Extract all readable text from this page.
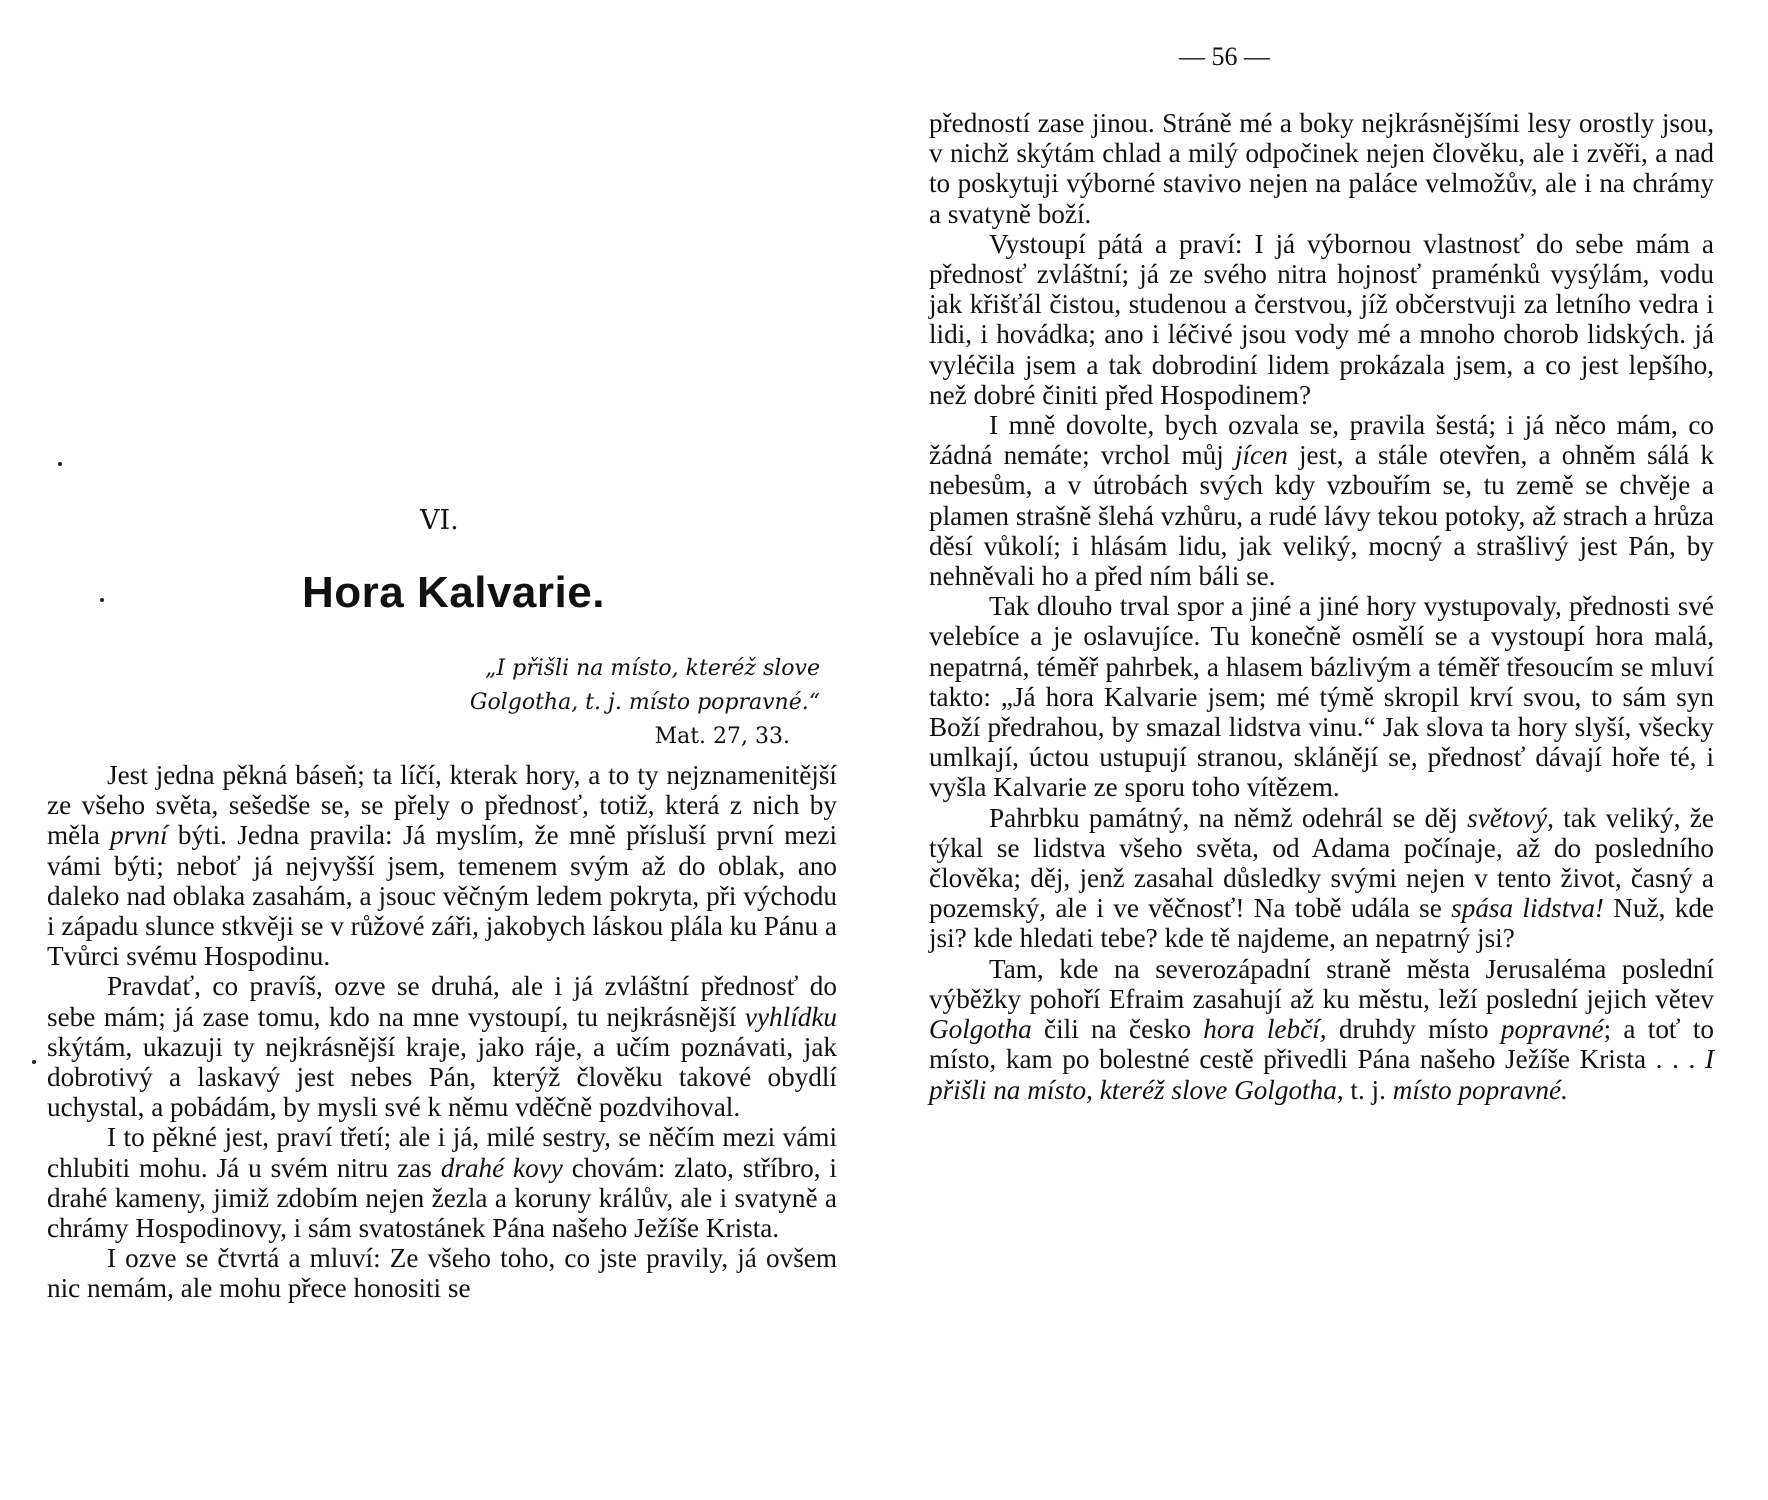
VI.
Hora Kalvarie.
„I přišli na místo, kteréž slove
Golgotha, t. j. místo popravné.“
Mat. 27, 33.

Jest jedna pěkná báseň; ta líčí, kterak hory, a to ty nejznamenitější ze všeho světa, sešedše se, se přely o přednosť, totiž, která z nich by měla první býti. Jedna pravila: Já myslím, že mně přísluší první mezi vámi býti; neboť já nejvyšší jsem, temenem svým až do oblak, ano daleko nad oblaka zasahám, a jsouc věčným ledem pokryta, při východu i západu slunce stkvěji se v růžové záři, jakobych láskou plála ku Pánu a Tvůrci svému Hospodinu.

Pravdať, co pravíš, ozve se druhá, ale i já zvláštní přednosť do sebe mám; já zase tomu, kdo na mne vystoupí, tu nejkrásnější vyhlídku skýtám, ukazuji ty nejkrásnější kraje, jako ráje, a učím poznávati, jak dobrotivý a laskavý jest nebes Pán, kterýž člověku takové obydlí uchystal, a pobádám, by mysli své k němu vděčně pozdvihoval.

I to pěkné jest, praví třetí; ale i já, milé sestry, se něčím mezi vámi chlubiti mohu. Já u svém nitru zas drahé kovy chovám: zlato, stříbro, i drahé kameny, jimiž zdobím nejen žezla a koruny králův, ale i svatyně a chrámy Hospodinovy, i sám svatostánek Pána našeho Ježíše Krista.

I ozve se čtvrtá a mluví: Ze všeho toho, co jste pravily, já ovšem nic nemám, ale mohu přece honositi se

— 56 —

předností zase jinou. Stráně mé a boky nejkrásnějšími lesy orostly jsou, v nichž skýtám chlad a milý odpočinek nejen člověku, ale i zvěři, a nad to poskytuji výborné stavivo nejen na paláce velmožův, ale i na chrámy a svatyně boží.

Vystoupí pátá a praví: I já výbornou vlastnosť do sebe mám a přednosť zvláštní; já ze svého nitra hojnosť praménků vysýlám, vodu jak křišťál čistou, studenou a čerstvou, jíž občerstvuji za letního vedra i lidi, i hovádka; ano i léčivé jsou vody mé a mnoho chorob lidských. já vyléčila jsem a tak dobrodiní lidem prokázala jsem, a co jest lepšího, než dobré činiti před Hospodinem?

I mně dovolte, bych ozvala se, pravila šestá; i já něco mám, co žádná nemáte; vrchol můj jícen jest, a stále otevřen, a ohněm sálá k nebesům, a v útrobách svých kdy vzbouřím se, tu země se chvěje a plamen strašně šlehá vzhůru, a rudé lávy tekou potoky, až strach a hrůza děsí vůkolí; i hlásám lidu, jak veliký, mocný a strašlivý jest Pán, by nehněvali ho a před ním báli se.

Tak dlouho trval spor a jiné a jiné hory vystupovaly, přednosti své velebíce a je oslavujíce. Tu konečně osmělí se a vystoupí hora malá, nepatrná, téměř pahrbek, a hlasem bázlivým a téměř třesoucím se mluví takto: „Já hora Kalvarie jsem; mé týmě skropil krví svou, to sám syn Boží předrahou, by smazal lidstva vinu.“ Jak slova ta hory slyší, všecky umlkají, úctou ustupují stranou, sklánějí se, přednosť dávají hoře té, i vyšla Kalvarie ze sporu toho vítězem.

Pahrbku památný, na němž odehrál se děj světový, tak veliký, že týkal se lidstva všeho světa, od Adama počínaje, až do posledního člověka; děj, jenž zasahal důsledky svými nejen v tento život, časný a pozemský, ale i ve věčnosť! Na tobě udála se spása lidstva! Nuž, kde jsi? kde hledati tebe? kde tě najdeme, an nepatrný jsi?

Tam, kde na severozápadní straně města Jerusaléma poslední výběžky pohoří Efraim zasahují až ku městu, leží poslední jejich větev Golgotha čili na česko hora lebčí, druhdy místo popravné; a toť to místo, kam po bolestné cestě přivedli Pána našeho Ježíše Krista . . . I přišli na místo, kteréž slove Golgotha, t. j. místo popravné.
